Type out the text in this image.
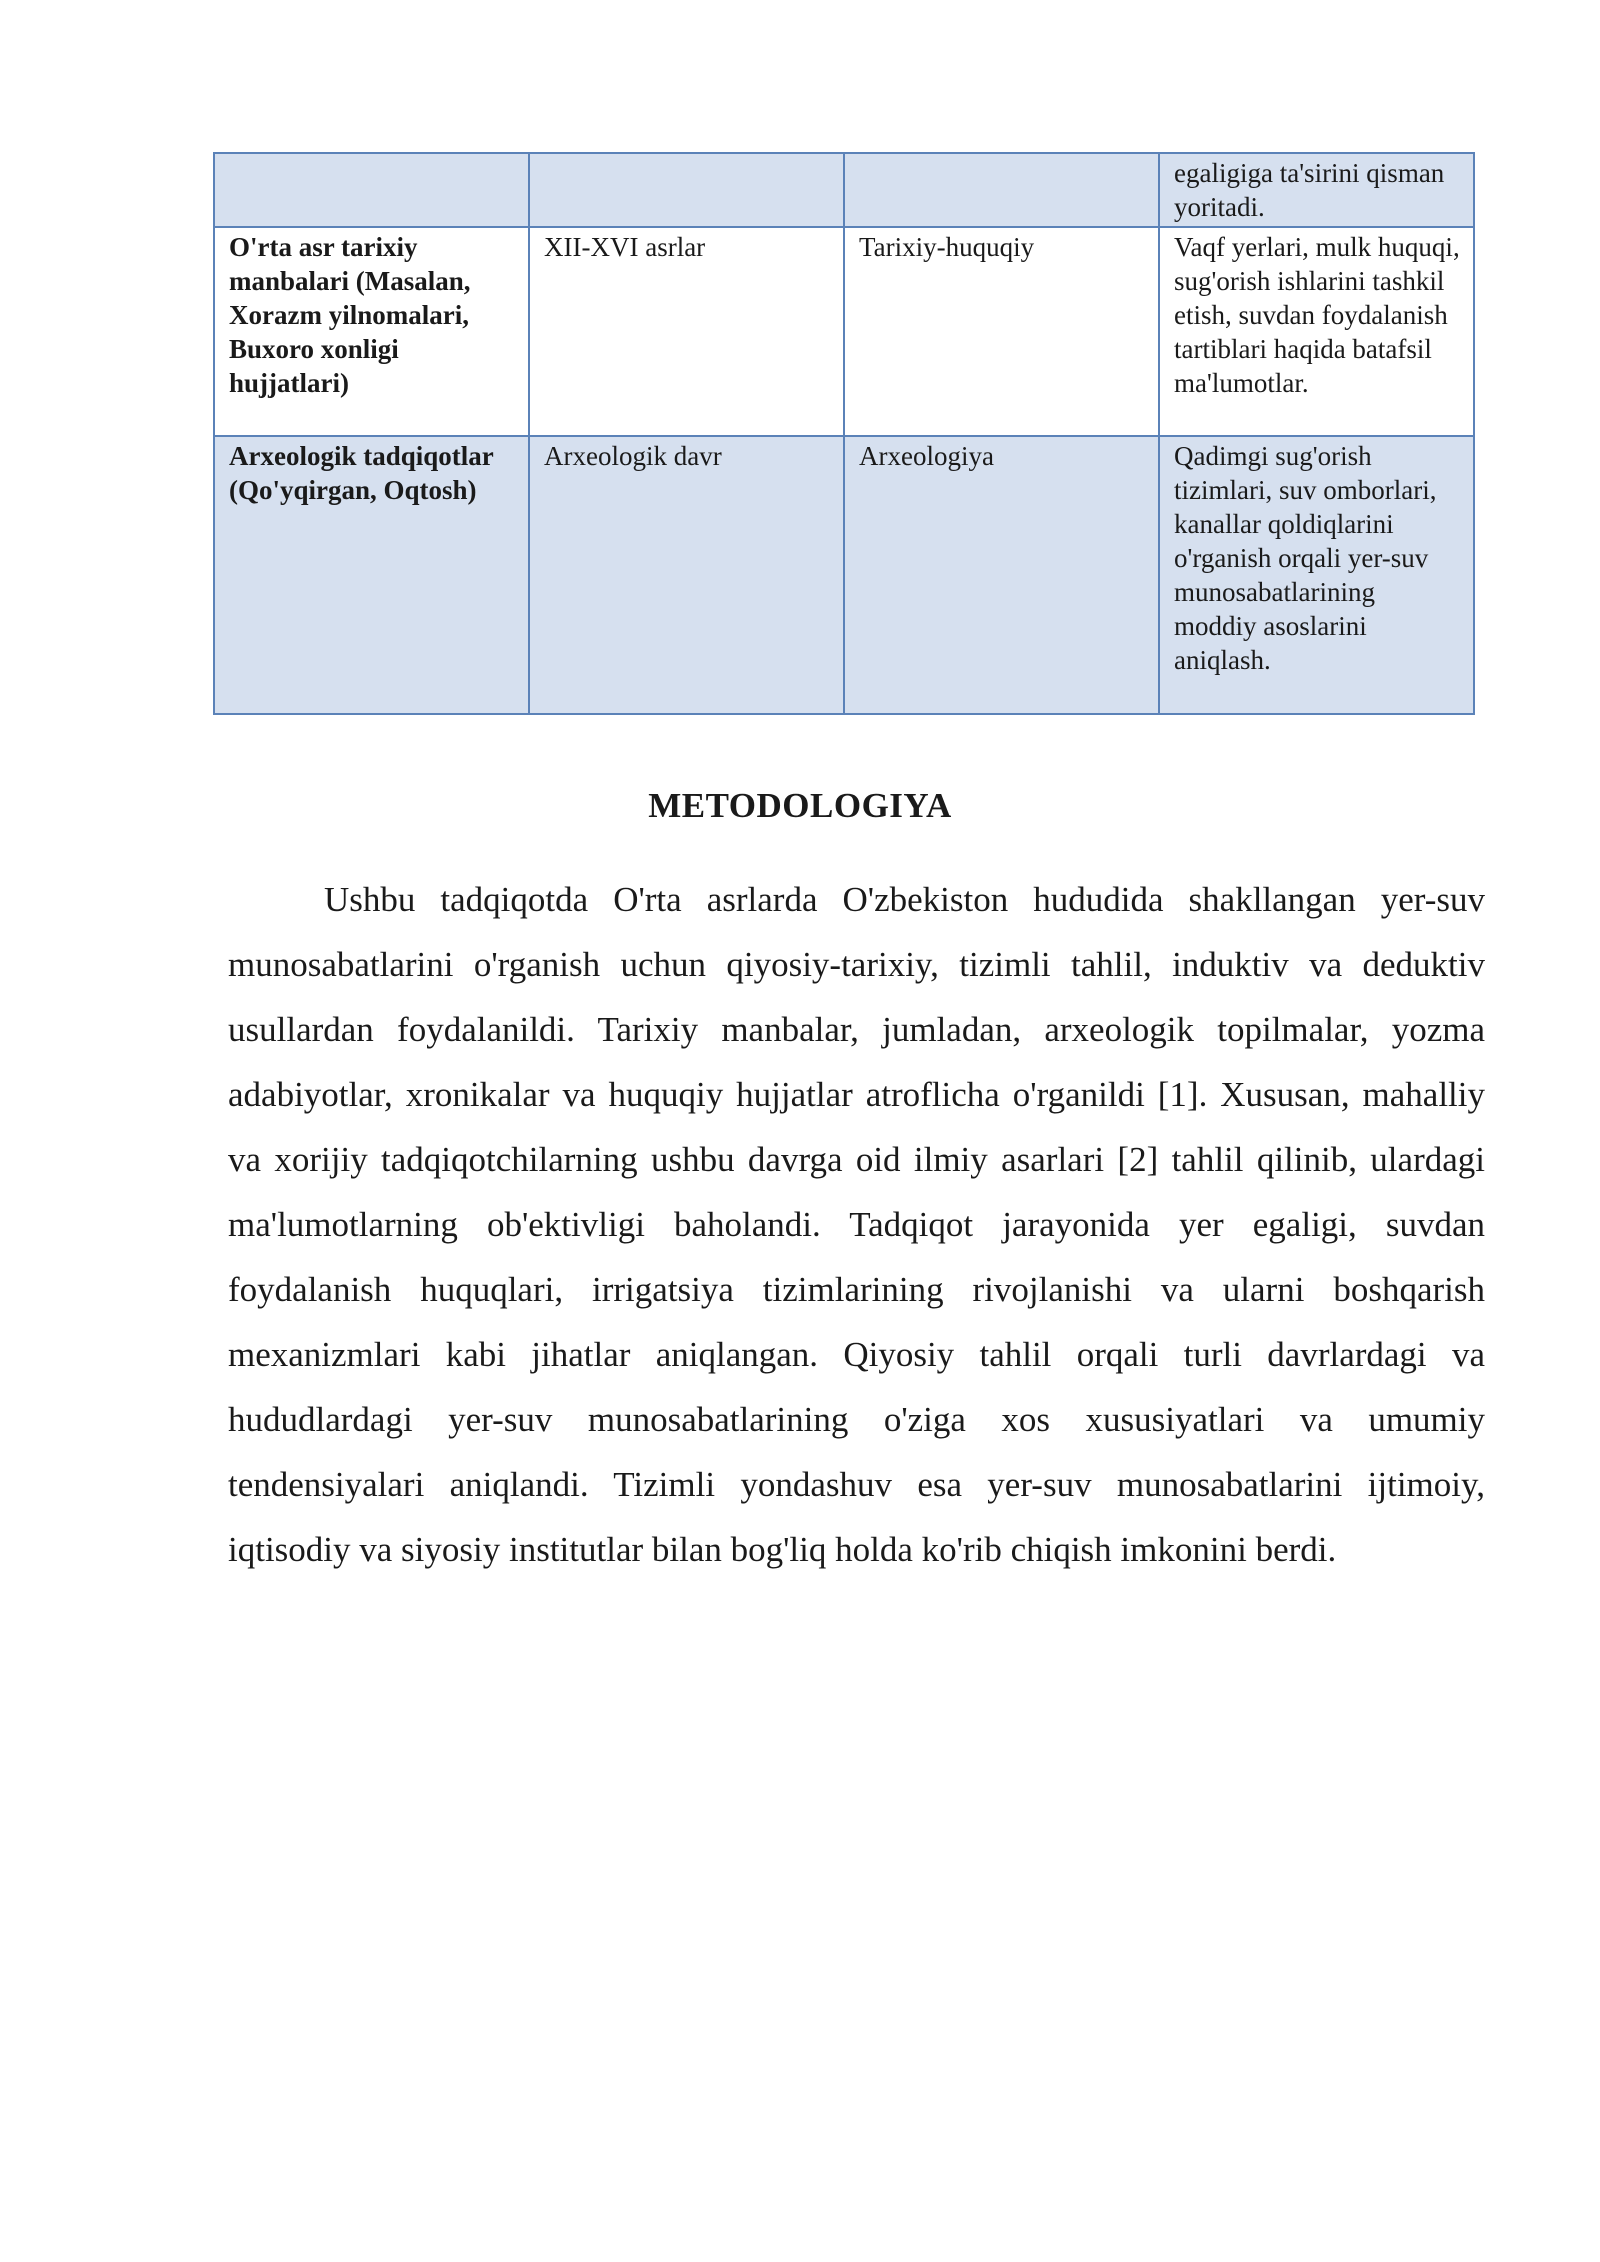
			egaligiga ta'sirini qisman yoritadi.
O'rta asr tarixiy manbalari (Masalan, Xorazm yilnomalari, Buxoro xonligi hujjatlari)	XII-XVI asrlar	Tarixiy-huquqiy	Vaqf yerlari, mulk huquqi, sug'orish ishlarini tashkil etish, suvdan foydalanish tartiblari haqida batafsil ma'lumotlar.
Arxeologik tadqiqotlar (Qo'yqirgan, Oqtosh)	Arxeologik davr	Arxeologiya	Qadimgi sug'orish tizimlari, suv omborlari, kanallar qoldiqlarini o'rganish orqali yer-suv munosabatlarining moddiy asoslarini aniqlash.
METODOLOGIYA

Ushbu tadqiqotda O'rta asrlarda O'zbekiston hududida shakllangan yer-suv munosabatlarini o'rganish uchun qiyosiy-tarixiy, tizimli tahlil, induktiv va deduktiv usullardan foydalanildi. Tarixiy manbalar, jumladan, arxeologik topilmalar, yozma adabiyotlar, xronikalar va huquqiy hujjatlar atroflicha o'rganildi [1]. Xususan, mahalliy va xorijiy tadqiqotchilarning ushbu davrga oid ilmiy asarlari [2] tahlil qilinib, ulardagi ma'lumotlarning ob'ektivligi baholandi. Tadqiqot jarayonida yer egaligi, suvdan foydalanish huquqlari, irrigatsiya tizimlarining rivojlanishi va ularni boshqarish mexanizmlari kabi jihatlar aniqlangan. Qiyosiy tahlil orqali turli davrlardagi va hududlardagi yer-suv munosabatlarining o'ziga xos xususiyatlari va umumiy tendensiyalari aniqlandi. Tizimli yondashuv esa yer-suv munosabatlarini ijtimoiy, iqtisodiy va siyosiy institutlar bilan bog'liq holda ko'rib chiqish imkonini berdi.
